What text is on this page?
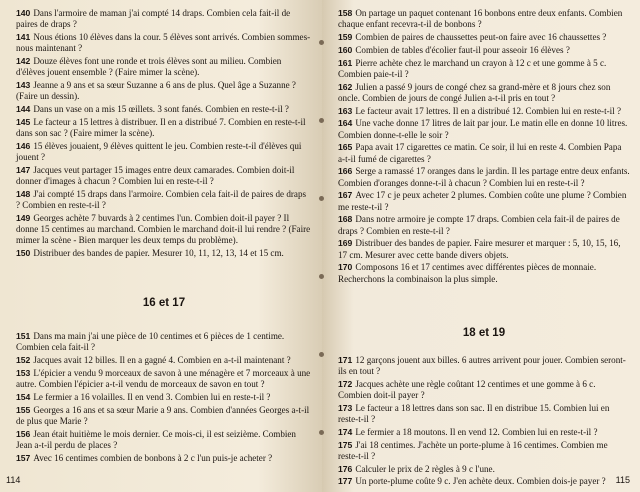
140 Dans l'armoire de maman j'ai compté 14 draps. Combien cela fait-il de paires de draps ?
141 Nous étions 10 élèves dans la cour. 5 élèves sont arrivés. Combien sommes-nous maintenant ?
142 Douze élèves font une ronde et trois élèves sont au milieu. Combien d'élèves jouent ensemble ? (Faire mimer la scène).
143 Jeanne a 9 ans et sa sœur Suzanne a 6 ans de plus. Quel âge a Suzanne ? (Faire un dessin).
144 Dans un vase on a mis 15 œillets. 3 sont fanés. Combien en reste-t-il ?
145 Le facteur a 15 lettres à distribuer. Il en a distribué 7. Combien en reste-t-il dans son sac ? (Faire mimer la scène).
146 15 élèves jouaient, 9 élèves quittent le jeu. Combien reste-t-il d'élèves qui jouent ?
147 Jacques veut partager 15 images entre deux camarades. Combien doit-il donner d'images à chacun ? Combien lui en reste-t-il ?
148 J'ai compté 15 draps dans l'armoire. Combien cela fait-il de paires de draps ? Combien en reste-t-il ?
149 Georges achète 7 buvards à 2 centimes l'un. Combien doit-il payer ? Il donne 15 centimes au marchand. Combien le marchand doit-il lui rendre ? (Faire mimer la scène - Bien marquer les deux temps du problème).
150 Distribuer des bandes de papier. Mesurer 10, 11, 12, 13, 14 et 15 cm.
16 et 17
151 Dans ma main j'ai une pièce de 10 centimes et 6 pièces de 1 centime. Combien cela fait-il ?
152 Jacques avait 12 billes. Il en a gagné 4. Combien en a-t-il maintenant ?
153 L'épicier a vendu 9 morceaux de savon à une ménagère et 7 morceaux à une autre. Combien l'épicier a-t-il vendu de morceaux de savon en tout ?
154 Le fermier a 16 volailles. Il en vend 3. Combien lui en reste-t-il ?
155 Georges a 16 ans et sa sœur Marie a 9 ans. Combien d'années Georges a-t-il de plus que Marie ?
156 Jean était huitième le mois dernier. Ce mois-ci, il est seizième. Combien Jean a-t-il perdu de places ?
157 Avec 16 centimes combien de bonbons à 2 c l'un puis-je acheter ?
114
158 On partage un paquet contenant 16 bonbons entre deux enfants. Combien chaque enfant recevra-t-il de bonbons ?
159 Combien de paires de chaussettes peut-on faire avec 16 chaussettes ?
160 Combien de tables d'écolier faut-il pour asseoir 16 élèves ?
161 Pierre achète chez le marchand un crayon à 12 c et une gomme à 5 c. Combien paie-t-il ?
162 Julien a passé 9 jours de congé chez sa grand-mère et 8 jours chez son oncle. Combien de jours de congé Julien a-t-il pris en tout ?
163 Le facteur avait 17 lettres. Il en a distribué 12. Combien lui en reste-t-il ?
164 Une vache donne 17 litres de lait par jour. Le matin elle en donne 10 litres. Combien donne-t-elle le soir ?
165 Papa avait 17 cigarettes ce matin. Ce soir, il lui en reste 4. Combien Papa a-t-il fumé de cigarettes ?
166 Serge a ramassé 17 oranges dans le jardin. Il les partage entre deux enfants. Combien d'oranges donne-t-il à chacun ? Combien lui en reste-t-il ?
167 Avec 17 c je peux acheter 2 plumes. Combien coûte une plume ? Combien me reste-t-il ?
168 Dans notre armoire je compte 17 draps. Combien cela fait-il de paires de draps ? Combien en reste-t-il ?
169 Distribuer des bandes de papier. Faire mesurer et marquer : 5, 10, 15, 16, 17 cm. Mesurer avec cette bande divers objets.
170 Composons 16 et 17 centimes avec différentes pièces de monnaie. Recherchons la combinaison la plus simple.
18 et 19
171 12 garçons jouent aux billes. 6 autres arrivent pour jouer. Combien seront-ils en tout ?
172 Jacques achète une règle coûtant 12 centimes et une gomme à 6 c. Combien doit-il payer ?
173 Le facteur a 18 lettres dans son sac. Il en distribue 15. Combien lui en reste-t-il ?
174 Le fermier a 18 moutons. Il en vend 12. Combien lui en reste-t-il ?
175 J'ai 18 centimes. J'achète un porte-plume à 16 centimes. Combien me reste-t-il ?
176 Calculer le prix de 2 règles à 9 c l'une.
177 Un porte-plume coûte 9 c. J'en achète deux. Combien dois-je payer ?	115
